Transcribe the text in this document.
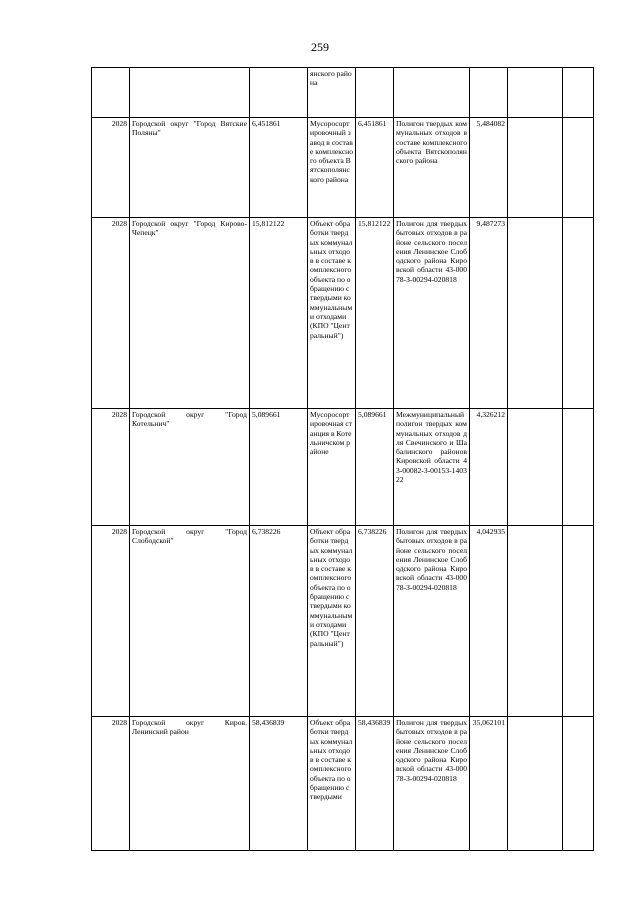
259
			янского района					
2028	Городской округ "Город Вятские Поляны"	6,451861	Мусоросортировочный завод в составе комплексного объекта Вятскополянского района	6,451861	Полигон твердых коммунальных отходов в составе комплексного объекта Вятскополянского района	5,484082		
2028	Городской округ "Город Кирово-Чепецк"	15,812122	Объект обработки твердых коммунальных отходов в составе комплексного объекта по обращению с твердыми коммунальными отходами (КПО "Центральный")	15,812122	Полигон для твердых бытовых отходов в районе сельского поселения Ленинское Слободского района Кировской области 43-00078-З-00294-020818	9,487273		
2028	Городской округ "Город Котельнич"	5,089661	Мусоросортировочная станция в Котельничском районе	5,089661	Межмуниципальный полигон твердых коммунальных отходов для Свечинского и Шабалинского районов Кировской области 43-00082-З-00153-140322	4,326212		
2028	Городской округ "Город Слободской"	6,738226	Объект обработки твердых коммунальных отходов в составе комплексного объекта по обращению с твердыми коммунальными отходами (КПО "Центральный")	6,738226	Полигон для твердых бытовых отходов в районе сельского поселения Ленинское Слободского района Кировской области 43-00078-З-00294-020818	4,042935		
2028	Городской округ Киров. Ленинский район	58,436839	Объект обработки твердых коммунальных отходов в составе комплексного объекта по обращению с твердыми	58,436839	Полигон для твердых бытовых отходов в районе сельского поселения Ленинское Слободского района Кировской области 43-00078-З-00294-020818	35,062101		
